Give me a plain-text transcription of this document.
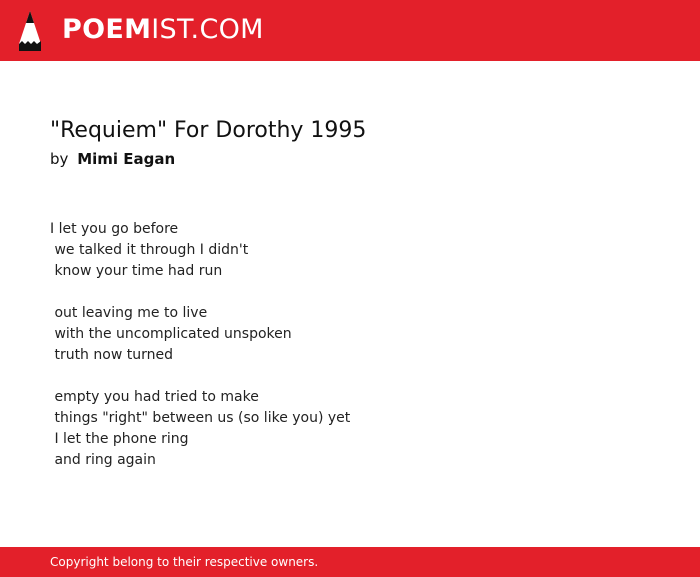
POEMIST.COM
"Requiem" For Dorothy 1995
by Mimi Eagan
I let you go before
we talked it through I didn't
know your time had run
out leaving me to live
with the uncomplicated unspoken
truth now turned
empty you had tried to make
things "right" between us (so like you) yet
I let the phone ring
and ring again
Copyright belong to their respective owners.
